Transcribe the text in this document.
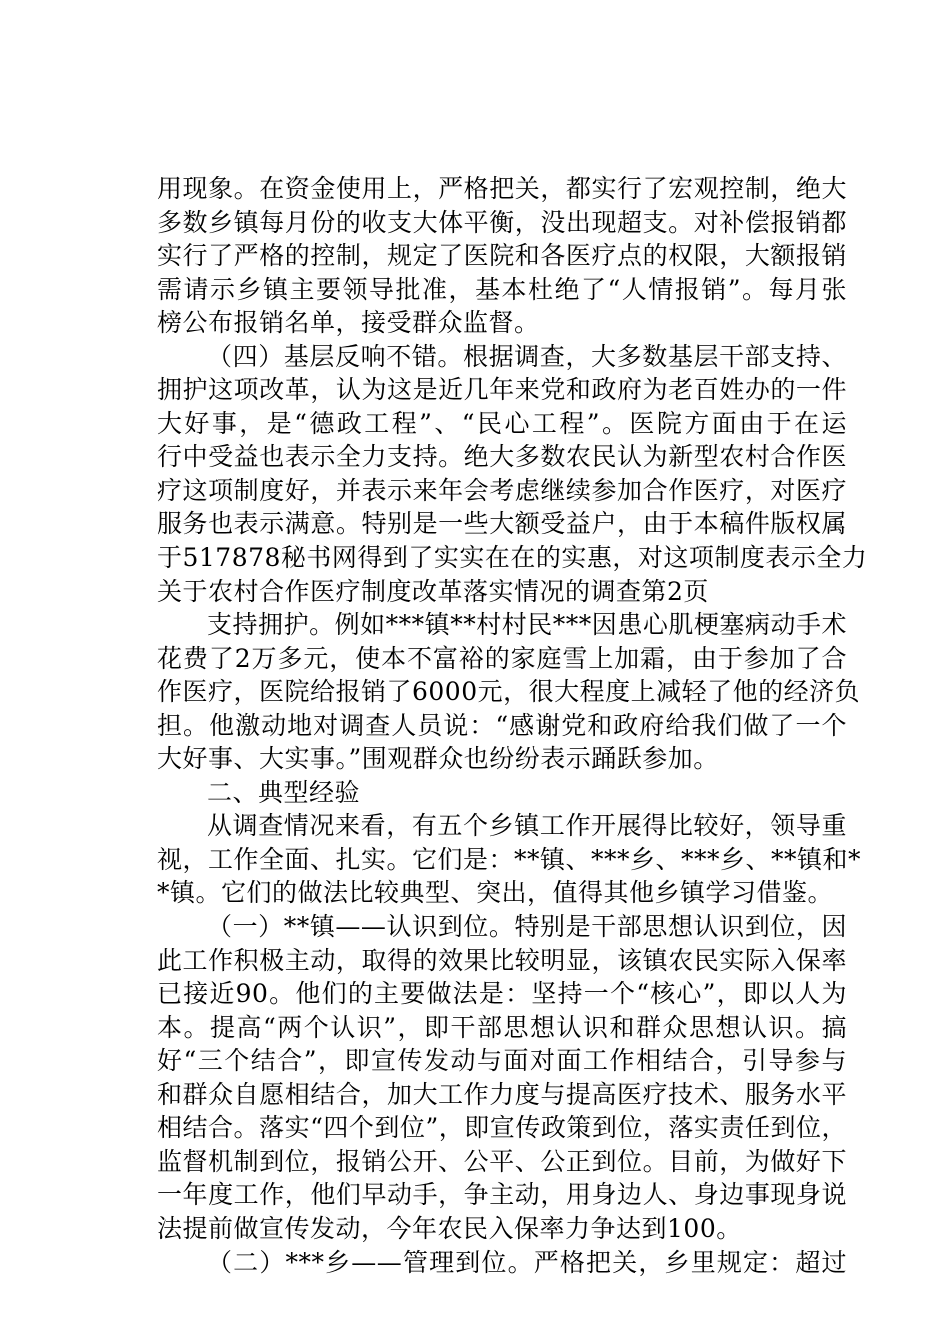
用现象。在资金使用上，严格把关，都实行了宏观控制，绝大
多数乡镇每月份的收支大体平衡，没出现超支。对补偿报销都
实行了严格的控制，规定了医院和各医疗点的权限，大额报销
需请示乡镇主要领导批准，基本杜绝了“人情报销”。每月张
榜公布报销名单，接受群众监督。
（四）基层反响不错。根据调查，大多数基层干部支持、
拥护这项改革，认为这是近几年来党和政府为老百姓办的一件
大好事，是“德政工程”、“民心工程”。医院方面由于在运
行中受益也表示全力支持。绝大多数农民认为新型农村合作医
疗这项制度好，并表示来年会考虑继续参加合作医疗，对医疗
服务也表示满意。特别是一些大额受益户，由于本稿件版权属
于517878秘书网得到了实实在在的实惠，对这项制度表示全力
关于农村合作医疗制度改革落实情况的调查第2页
支持拥护。例如***镇**村村民***因患心肌梗塞病动手术
花费了2万多元，使本不富裕的家庭雪上加霜，由于参加了合
作医疗，医院给报销了6000元，很大程度上减轻了他的经济负
担。他激动地对调查人员说：“感谢党和政府给我们做了一个
大好事、大实事。”围观群众也纷纷表示踊跃参加。
二、典型经验
从调查情况来看，有五个乡镇工作开展得比较好，领导重
视，工作全面、扎实。它们是：**镇、***乡、***乡、**镇和*
*镇。它们的做法比较典型、突出，值得其他乡镇学习借鉴。
（一）**镇——认识到位。特别是干部思想认识到位，因
此工作积极主动，取得的效果比较明显，该镇农民实际入保率
已接近90。他们的主要做法是：坚持一个“核心”，即以人为
本。提高“两个认识”，即干部思想认识和群众思想认识。搞
好“三个结合”，即宣传发动与面对面工作相结合，引导参与
和群众自愿相结合，加大工作力度与提高医疗技术、服务水平
相结合。落实“四个到位”，即宣传政策到位，落实责任到位，
监督机制到位，报销公开、公平、公正到位。目前，为做好下
一年度工作，他们早动手，争主动，用身边人、身边事现身说
法提前做宣传发动，今年农民入保率力争达到100。
（二）***乡——管理到位。严格把关，乡里规定：超过
